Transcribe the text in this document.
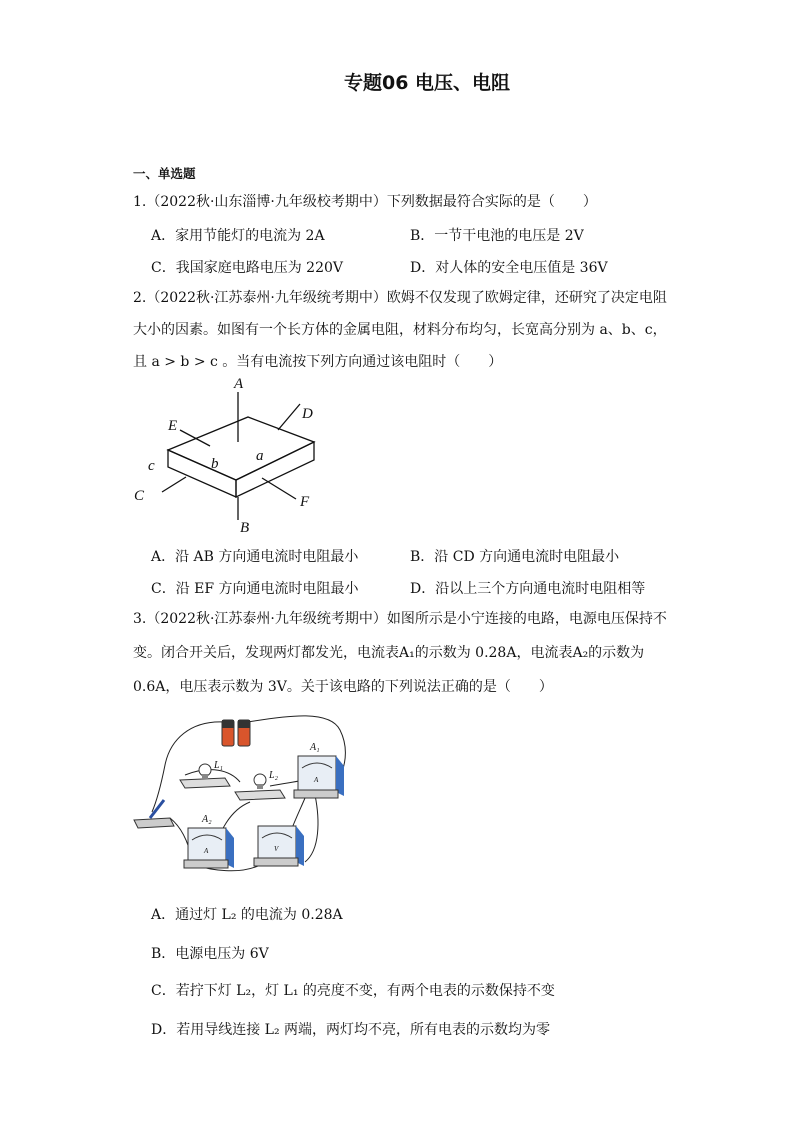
专题06 电压、电阻
一、单选题
1.（2022秋·山东淄博·九年级校考期中）下列数据最符合实际的是（　　）
A．家用节能灯的电流为 2A	B．一节干电池的电压是 2V
C．我国家庭电路电压为 220V	D．对人体的安全电压值是 36V
2.（2022秋·江苏泰州·九年级统考期中）欧姆不仅发现了欧姆定律，还研究了决定电阻
大小的因素。如图有一个长方体的金属电阻，材料分布均匀，长宽高分别为 a、b、c，
且 a > b > c 。当有电流按下列方向通过该电阻时（　　）
A
B
C
D
E
F
a
b
c
A．沿 AB 方向通电流时电阻最小	B．沿 CD 方向通电流时电阻最小
C．沿 EF 方向通电流时电阻最小	D．沿以上三个方向通电流时电阻相等
3.（2022秋·江苏泰州·九年级统考期中）如图所示是小宁连接的电路，电源电压保持不
变。闭合开关后，发现两灯都发光，电流表A₁的示数为 0.28A，电流表A₂的示数为
0.6A，电压表示数为 3V。关于该电路的下列说法正确的是（　　）
L₁
L₂	A
A₁
A
A₂
V
A．通过灯 L₂ 的电流为 0.28A
B．电源电压为 6V
C．若拧下灯 L₂，灯 L₁ 的亮度不变，有两个电表的示数保持不变
D．若用导线连接 L₂ 两端，两灯均不亮，所有电表的示数均为零
